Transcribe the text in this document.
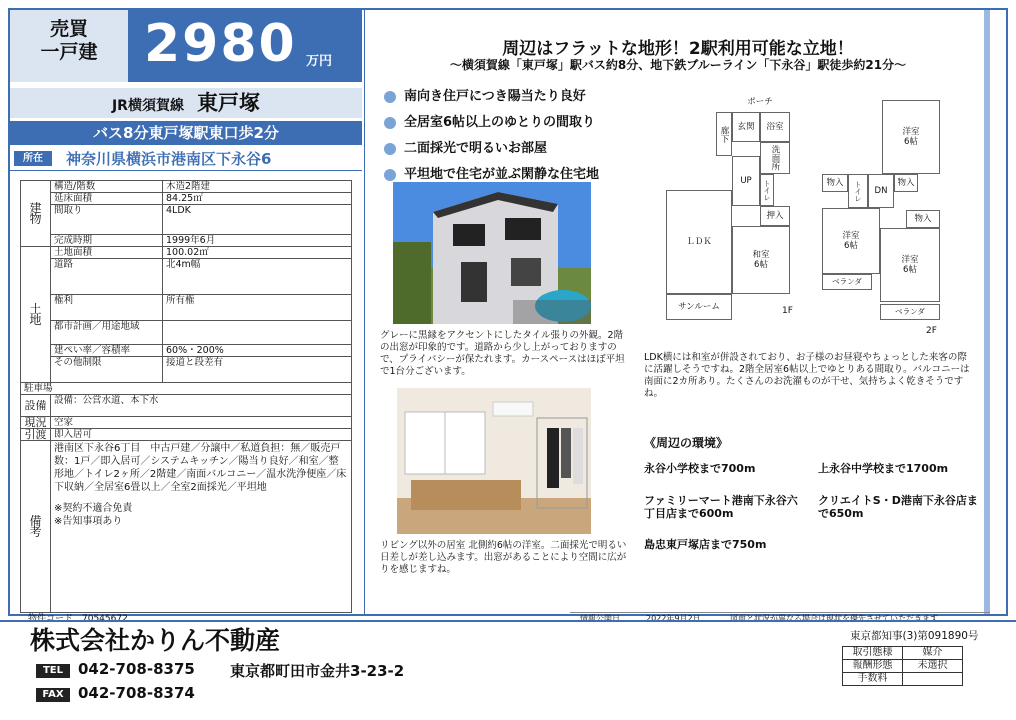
売買
一戸建 2980 万円
JR横須賀線 東戸塚
バス8分東戸塚駅東口歩2分
所在	神奈川県横浜市港南区下永谷6
建物	構造/階数	木造2階建
	延床面積	84.25㎡
	間取り	4LDK
	完成時期	1999年6月
土地	土地面積	100.02㎡
	道路	北4m幅
	権利	所有権
	都市計画／用途地域	
	建ぺい率／容積率	60%・200%
	その他制限	接道と段差有
駐車場		
設備	設備：公営水道、本下水	
現況	空家	
引渡	即入居可	
備考	港南区下永谷6丁目　中古戸建／分譲中／私道負担：無／販売戸数：1戸／即入居可／システムキッチン／陽当り良好／和室／整形地／トイレ2ヶ所／2階建／南面バルコニー／温水洗浄便座／床下収納／全居室6畳以上／全室2面採光／平坦地
※契約不適合免責
※告知事項あり	
物件コード　70545672
周辺はフラットな地形！2駅利用可能な立地！
～横須賀線「東戸塚」駅バス約8分、地下鉄ブルーライン「下永谷」駅徒歩約21分～
南向き住戸につき陽当たり良好
全居室6帖以上のゆとりの間取り
二面採光で明るいお部屋
平坦地で住宅が並ぶ閑静な住宅地
グレーに黒縁をアクセントにしたタイル張りの外観。2階の出窓が印象的です。道路から少し上がっておりますので、プライバシーが保たれます。カースペースはほぼ平坦で1台分ございます。
リビング以外の居室 北側約6帖の洋室。二面採光で明るい日差しが差し込みます。出窓があることにより空間に広がりを感じますね。
ポーチ
玄関	浴室
廊下
洗面所
トイレ
UP
押入
ＬＤＫ
和室
6帖
サンルーム	1F
洋室
6帖
物入	トイレ	DN
物入
物入
洋室
6帖
洋室
6帖
ベランダ
ベランダ
2F
LDK横には和室が併設されており、お子様のお昼寝やちょっとした来客の際に活躍しそうですね。2階全居室6帖以上でゆとりある間取り。バルコニーは南面に2カ所あり。たくさんのお洗濯ものが干せ、気持ちよく乾きそうですね。
《周辺の環境》
永谷小学校まで700m	上永谷中学校まで1700m
ファミリーマート港南下永谷六丁目店まで600m
クリエイトS・D港南下永谷店まで650m
島忠東戸塚店まで750m
情報公開日	2022年9月2日	図面と状況が異なる場合は現状を優先させていただきます
株式会社かりん不動産
TEL 042-708-8375 東京都町田市金井3-23-2
FAX 042-708-8374
東京都知事(3)第091890号
取引態様	媒介
報酬形態	未選択
手数料	
